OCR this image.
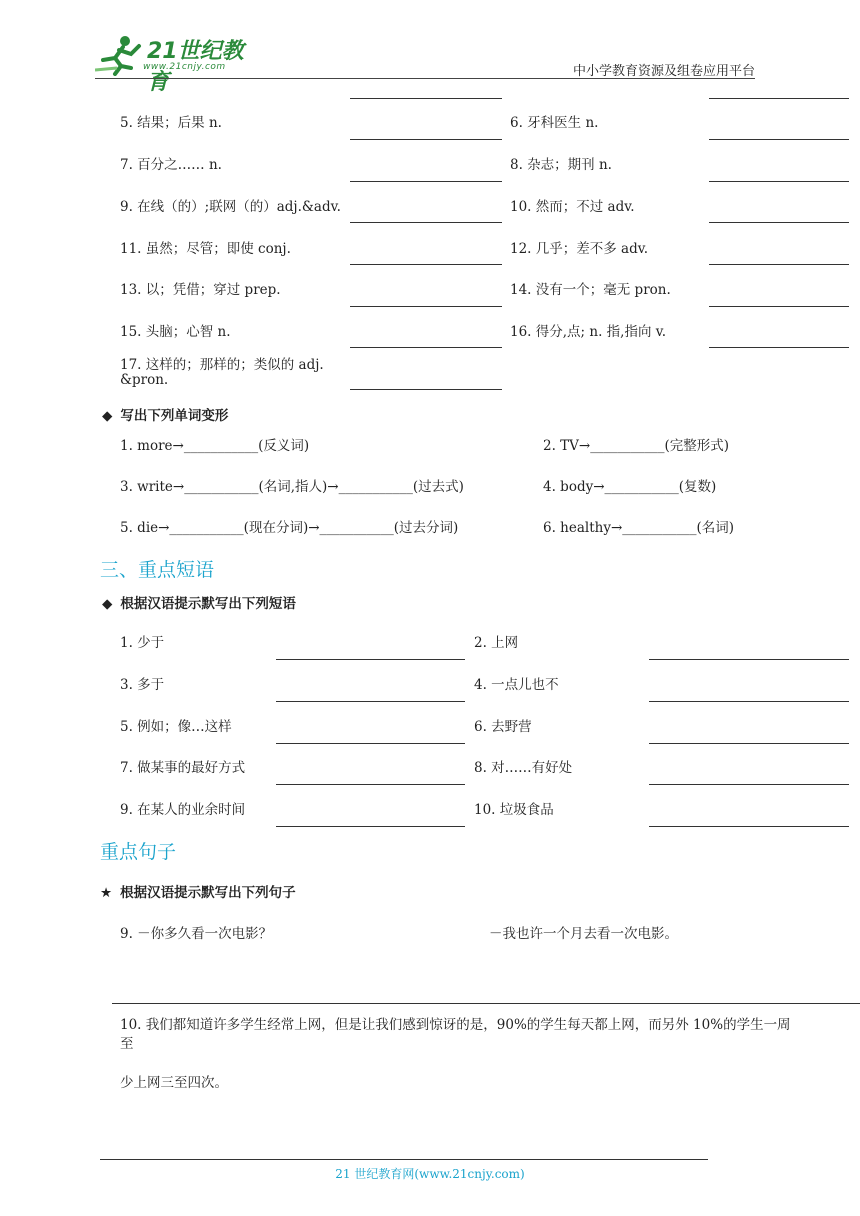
21世纪教育
www.21cnjy.com	中小学教育资源及组卷应用平台
5. 结果；后果 n.	6. 牙科医生 n.
7. 百分之…… n.	8. 杂志；期刊 n.
9. 在线（的）;联网（的）adj.&adv.	10. 然而；不过 adv.
11. 虽然；尽管；即使 conj.	12. 几乎；差不多 adv.
13. 以；凭借；穿过 prep.	14. 没有一个；毫无 pron.
15. 头脑；心智 n.	16. 得分,点; n. 指,指向 v.
17. 这样的；那样的；类似的 adj.
&pron.
◆ 写出下列单词变形
1. more→___________(反义词)	2. TV→___________(完整形式)
3. write→___________(名词,指人)→___________(过去式)	4. body→___________(复数)
5. die→___________(现在分词)→___________(过去分词)	6. healthy→___________(名词)
三、重点短语
◆ 根据汉语提示默写出下列短语
1. 少于	2. 上网
3. 多于	4. 一点儿也不
5. 例如；像…这样	6. 去野营
7. 做某事的最好方式	8. 对……有好处
9. 在某人的业余时间	10. 垃圾食品
重点句子
★ 根据汉语提示默写出下列句子
9. －你多久看一次电影？	－我也许一个月去看一次电影。
10. 我们都知道许多学生经常上网，但是让我们感到惊讶的是，90%的学生每天都上网，而另外 10%的学生一周
至
少上网三至四次。
21 世纪教育网(www.21cnjy.com)
